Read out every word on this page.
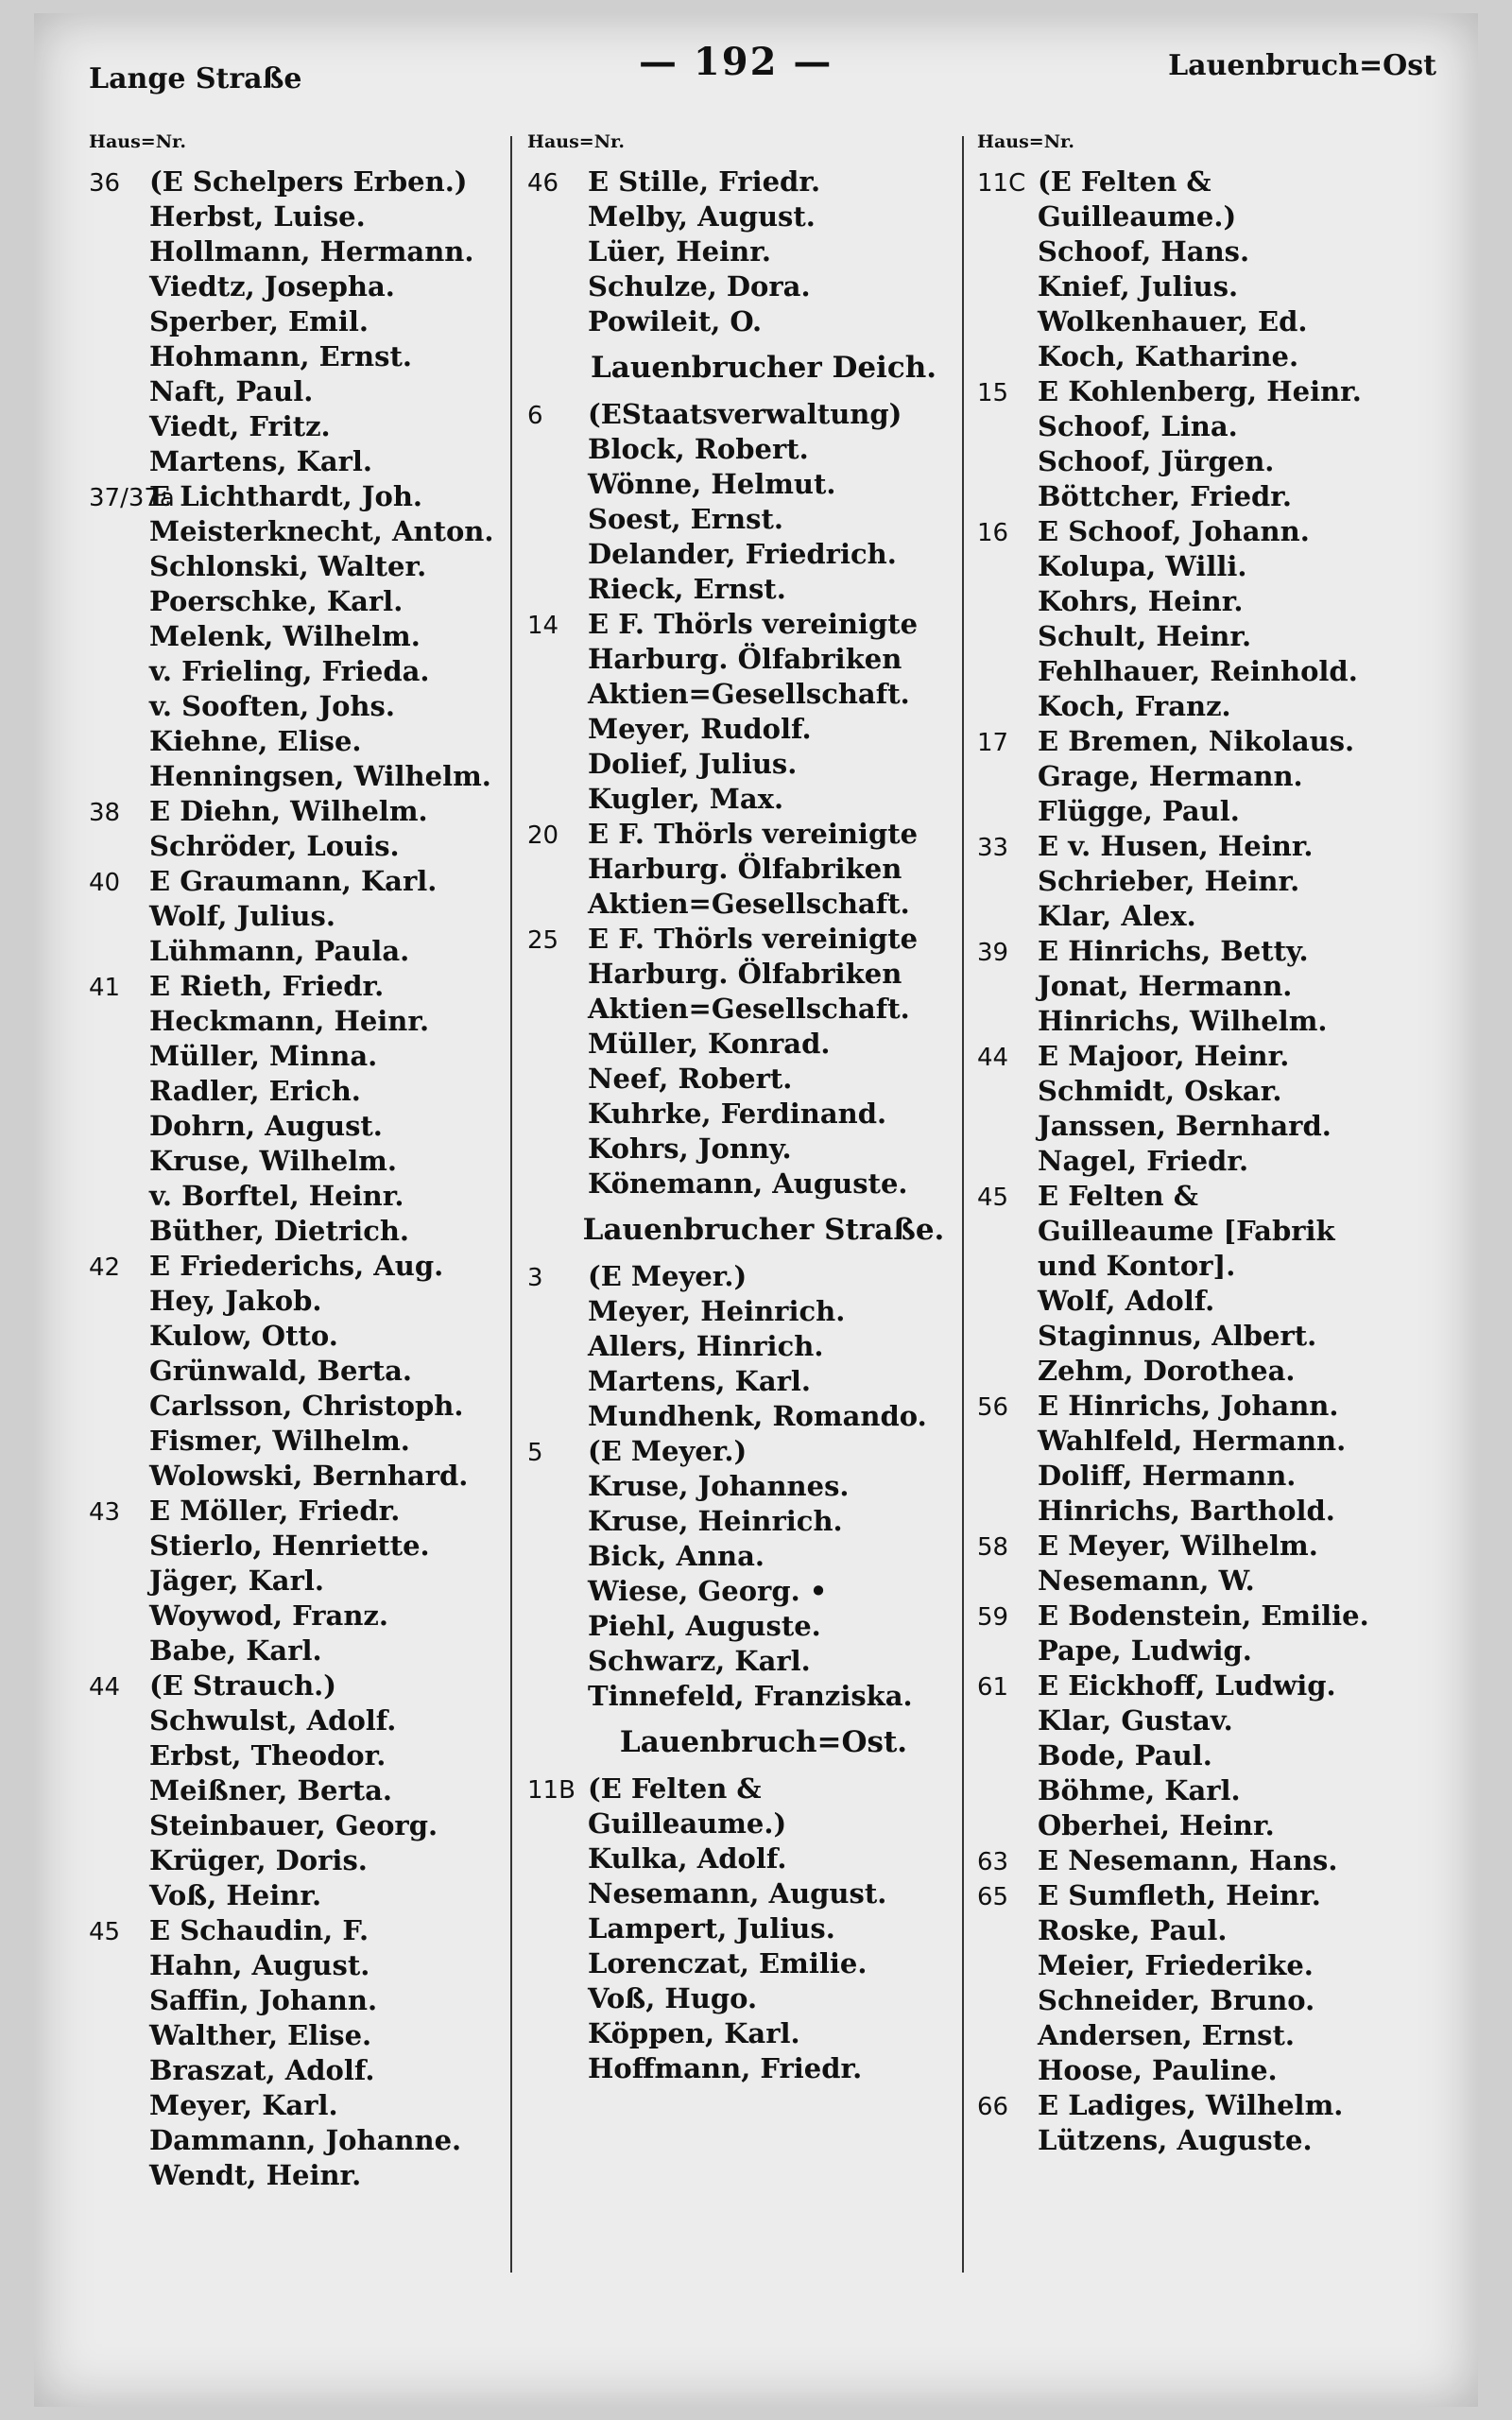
Lange Straße	— 192 —	Lauenbruch=Ost
Haus=Nr.
36 (E Schelpers Erben.)
Herbst, Luise.
Hollmann, Hermann.
Viedtz, Josepha.
Sperber, Emil.
Hohmann, Ernst.
Naft, Paul.
Viedt, Fritz.
Martens, Karl.
37/37aE Lichthardt, Joh.
Meisterknecht, Anton.
Schlonski, Walter.
Poerschke, Karl.
Melenk, Wilhelm.
v. Frieling, Frieda.
v. Sooften, Johs.
Kiehne, Elise.
Henningsen, Wilhelm.
38 E Diehn, Wilhelm.
Schröder, Louis.
40 E Graumann, Karl.
Wolf, Julius.
Lühmann, Paula.
41 E Rieth, Friedr.
Heckmann, Heinr.
Müller, Minna.
Radler, Erich.
Dohrn, August.
Kruse, Wilhelm.
v. Borftel, Heinr.
Büther, Dietrich.
42 E Friederichs, Aug.
Hey, Jakob.
Kulow, Otto.
Grünwald, Berta.
Carlsson, Christoph.
Fismer, Wilhelm.
Wolowski, Bernhard.
43 E Möller, Friedr.
Stierlo, Henriette.
Jäger, Karl.
Woywod, Franz.
Babe, Karl.
44 (E Strauch.)
Schwulst, Adolf.
Erbst, Theodor.
Meißner, Berta.
Steinbauer, Georg.
Krüger, Doris.
Voß, Heinr.
45 E Schaudin, F.
Hahn, August.
Saffin, Johann.
Walther, Elise.
Braszat, Adolf.
Meyer, Karl.
Dammann, Johanne.
Wendt, Heinr.
Haus=Nr.
46 E Stille, Friedr.
Melby, August.
Lüer, Heinr.
Schulze, Dora.
Powileit, O.
Lauenbrucher Deich.
6 (EStaatsverwaltung)
Block, Robert.
Wönne, Helmut.
Soest, Ernst.
Delander, Friedrich.
Rieck, Ernst.
14 E F. Thörls vereinigte
Harburg. Ölfabriken
Aktien=Gesellschaft.
Meyer, Rudolf.
Dolief, Julius.
Kugler, Max.
20 E F. Thörls vereinigte
Harburg. Ölfabriken
Aktien=Gesellschaft.
25 E F. Thörls vereinigte
Harburg. Ölfabriken
Aktien=Gesellschaft.
Müller, Konrad.
Neef, Robert.
Kuhrke, Ferdinand.
Kohrs, Jonny.
Könemann, Auguste.
Lauenbrucher Straße.
3 (E Meyer.)
Meyer, Heinrich.
Allers, Hinrich.
Martens, Karl.
Mundhenk, Romando.
5 (E Meyer.)
Kruse, Johannes.
Kruse, Heinrich.
Bick, Anna.
Wiese, Georg. •
Piehl, Auguste.
Schwarz, Karl.
Tinnefeld, Franziska.
Lauenbruch=Ost.
11B (E Felten &
Guilleaume.)
Kulka, Adolf.
Nesemann, August.
Lampert, Julius.
Lorenczat, Emilie.
Voß, Hugo.
Köppen, Karl.
Hoffmann, Friedr.
Haus=Nr.
11C (E Felten &
Guilleaume.)
Schoof, Hans.
Knief, Julius.
Wolkenhauer, Ed.
Koch, Katharine.
15 E Kohlenberg, Heinr.
Schoof, Lina.
Schoof, Jürgen.
Böttcher, Friedr.
16 E Schoof, Johann.
Kolupa, Willi.
Kohrs, Heinr.
Schult, Heinr.
Fehlhauer, Reinhold.
Koch, Franz.
17 E Bremen, Nikolaus.
Grage, Hermann.
Flügge, Paul.
33 E v. Husen, Heinr.
Schrieber, Heinr.
Klar, Alex.
39 E Hinrichs, Betty.
Jonat, Hermann.
Hinrichs, Wilhelm.
44 E Majoor, Heinr.
Schmidt, Oskar.
Janssen, Bernhard.
Nagel, Friedr.
45 E Felten &
Guilleaume [Fabrik
und Kontor].
Wolf, Adolf.
Staginnus, Albert.
Zehm, Dorothea.
56 E Hinrichs, Johann.
Wahlfeld, Hermann.
Doliff, Hermann.
Hinrichs, Barthold.
58 E Meyer, Wilhelm.
Nesemann, W.
59 E Bodenstein, Emilie.
Pape, Ludwig.
61 E Eickhoff, Ludwig.
Klar, Gustav.
Bode, Paul.
Böhme, Karl.
Oberhei, Heinr.
63 E Nesemann, Hans.
65 E Sumfleth, Heinr.
Roske, Paul.
Meier, Friederike.
Schneider, Bruno.
Andersen, Ernst.
Hoose, Pauline.
66 E Ladiges, Wilhelm.
Lützens, Auguste.
